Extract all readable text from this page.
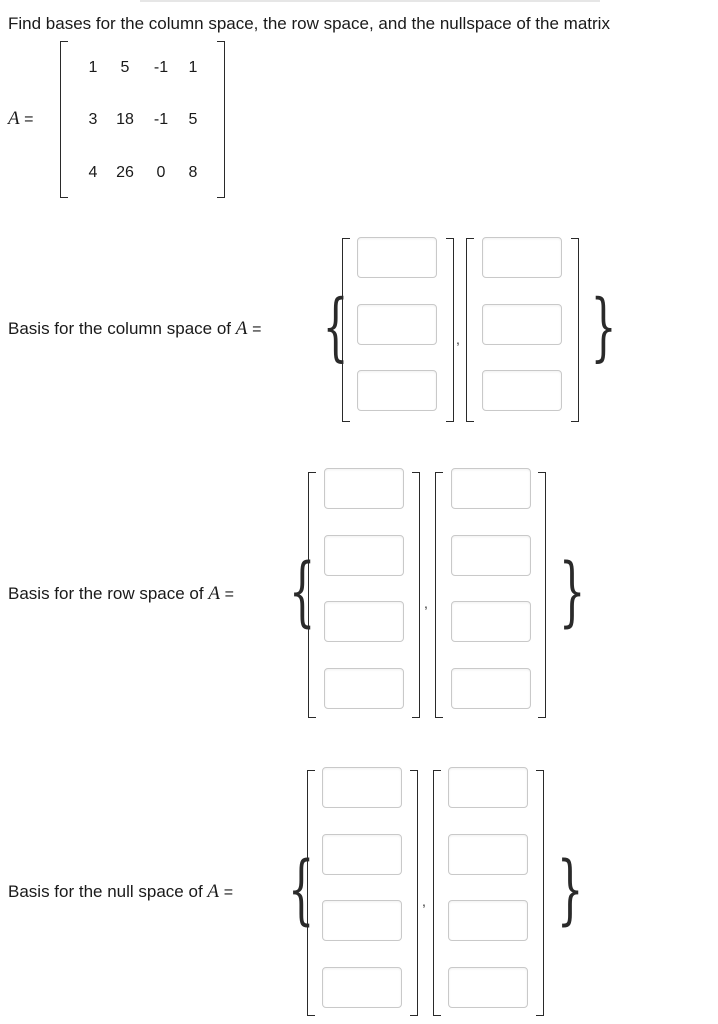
Find bases for the column space, the row space, and the nullspace of the matrix
A =
1	5	-1	1
3	18	-1	5
4	26	0	8
Basis for the column space of A = {	}
,
Basis for the row space of A = {	}
,
Basis for the null space of A = {	}
,
